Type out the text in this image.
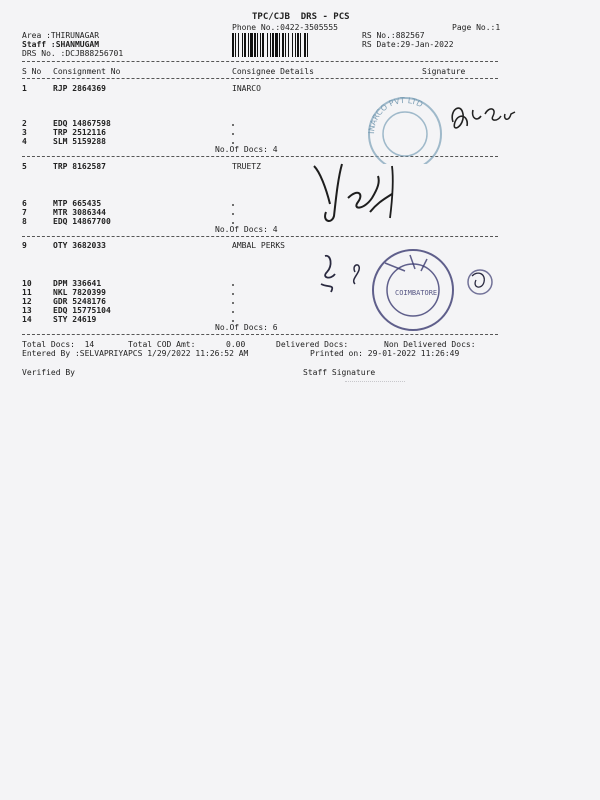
TPC/CJB  DRS - PCS
Phone No.:0422-3505555	Page No.:1
Area :THIRUNAGAR
Staff :SHANMUGAM
DRS No. :DCJB88256701
RS No.:882567
RS Date:29-Jan-2022
S No Consignment No	Consignee Details	Signature
1	RJP 2864369	INARCO
2	EDQ 14867598
3	TRP 2512116
4	SLM 5159288
No.Of Docs: 4
5	TRP 8162587	TRUETZ
6	MTP 665435
7	MTR 3086344
8	EDQ 14867700
No.Of Docs: 4
9	OTY 3682033	AMBAL PERKS
10	DPM 336641
11	NKL 7820399
12	GDR 5248176
13	EDQ 15775104
14	STY 24619
No.Of Docs: 6
Total Docs:  14	Total COD Amt:	0.00	Delivered Docs:	Non Delivered Docs:
Entered By :SELVAPRIYAPCS 1/29/2022 11:26:52 AM	Printed on: 29-01-2022 11:26:49
Verified By	Staff Signature
INARCO PVT LTD
COIMBATORE
